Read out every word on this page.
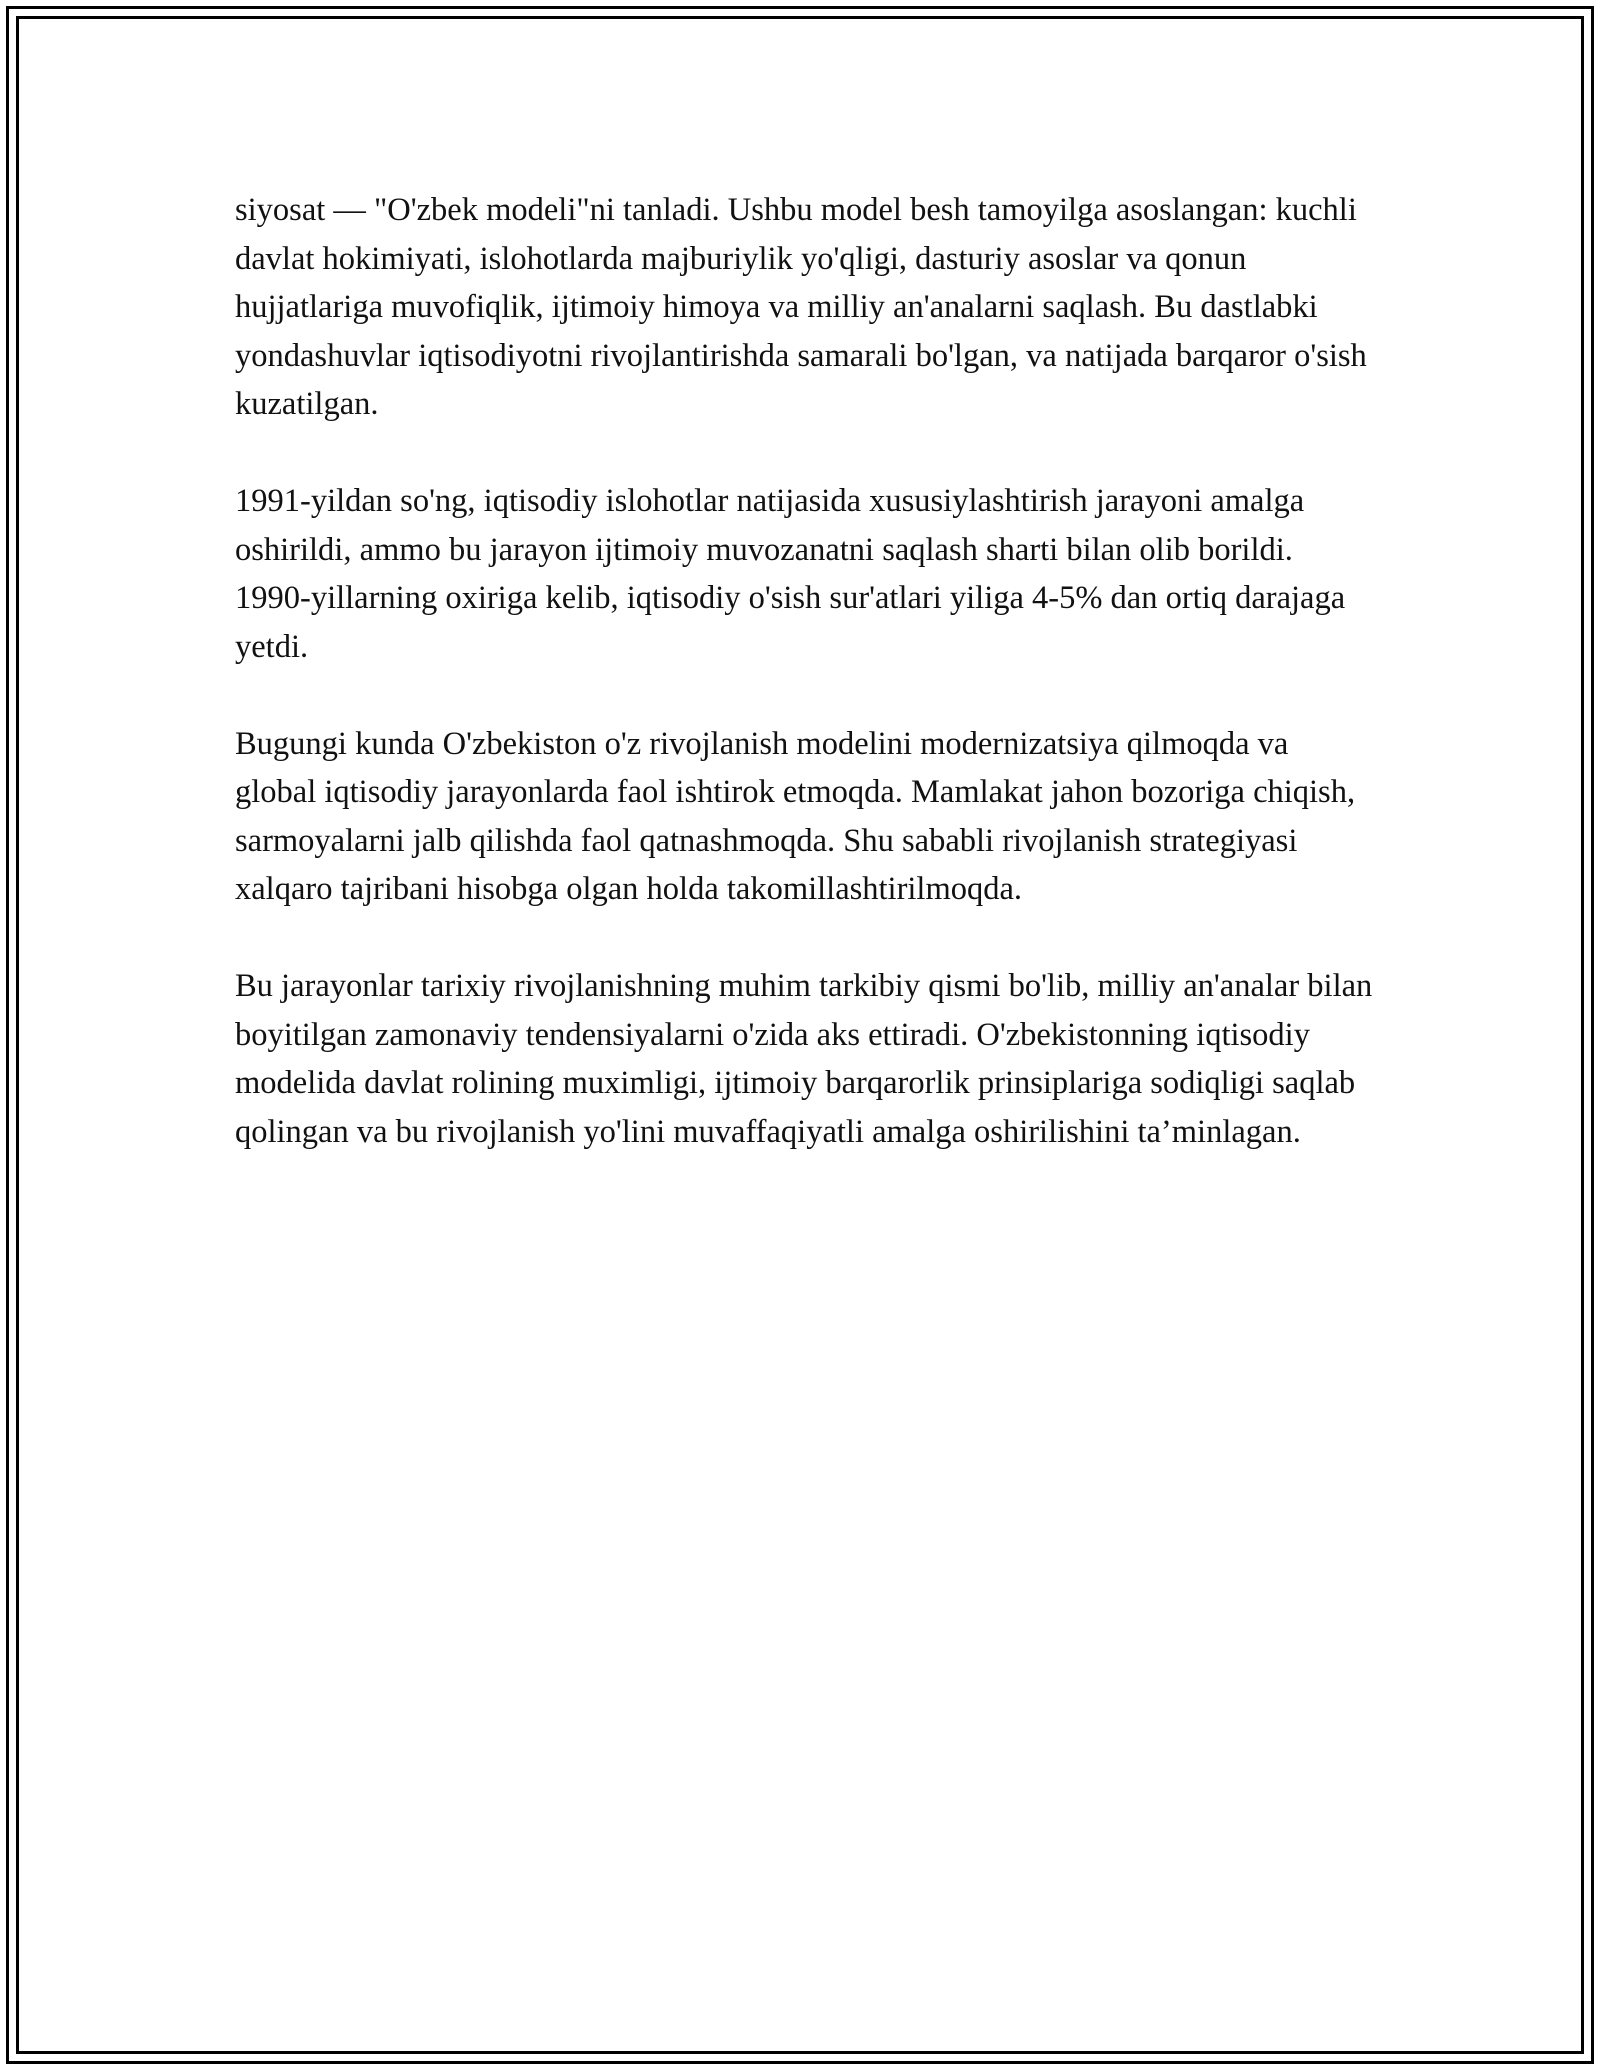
siyosat — "O'zbek modeli"ni tanladi. Ushbu model besh tamoyilga asoslangan: kuchli davlat hokimiyati, islohotlarda majburiylik yo'qligi, dasturiy asoslar va qonun hujjatlariga muvofiqlik, ijtimoiy himoya va milliy an'analarni saqlash. Bu dastlabki yondashuvlar iqtisodiyotni rivojlantirishda samarali bo'lgan, va natijada barqaror o'sish kuzatilgan.

1991-yildan so'ng, iqtisodiy islohotlar natijasida xususiylashtirish jarayoni amalga oshirildi, ammo bu jarayon ijtimoiy muvozanatni saqlash sharti bilan olib borildi. 1990-yillarning oxiriga kelib, iqtisodiy o'sish sur'atlari yiliga 4-5% dan ortiq darajaga yetdi.

Bugungi kunda O'zbekiston o'z rivojlanish modelini modernizatsiya qilmoqda va global iqtisodiy jarayonlarda faol ishtirok etmoqda. Mamlakat jahon bozoriga chiqish, sarmoyalarni jalb qilishda faol qatnashmoqda. Shu sababli rivojlanish strategiyasi xalqaro tajribani hisobga olgan holda takomillashtirilmoqda.

Bu jarayonlar tarixiy rivojlanishning muhim tarkibiy qismi bo'lib, milliy an'analar bilan boyitilgan zamonaviy tendensiyalarni o'zida aks ettiradi. O'zbekistonning iqtisodiy modelida davlat rolining muximligi, ijtimoiy barqarorlik prinsiplariga sodiqligi saqlab qolingan va bu rivojlanish yo'lini muvaffaqiyatli amalga oshirilishini ta’minlagan.
